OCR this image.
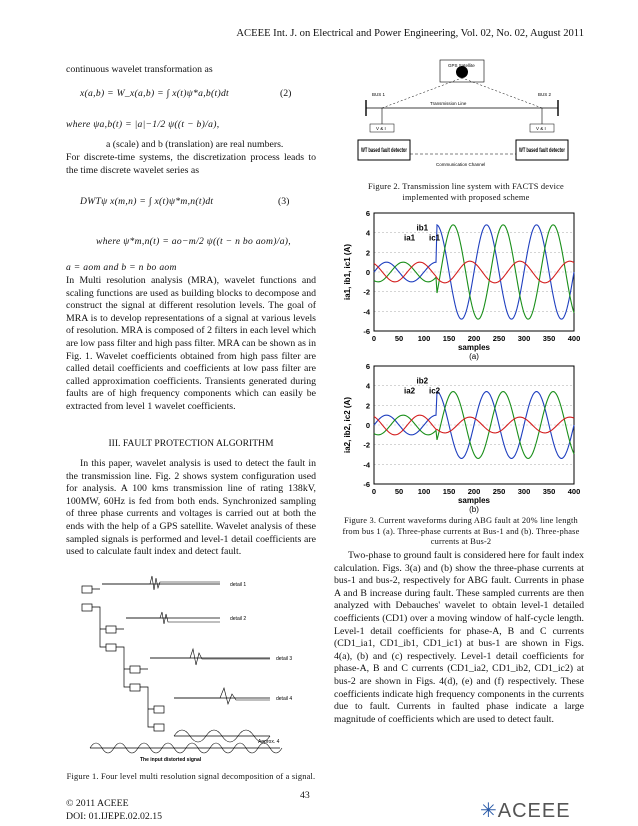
ACEEE Int. J. on Electrical and Power Engineering, Vol. 02, No. 02, August 2011
continuous wavelet transformation as
x(a,b) = W_x(a,b) = ∫ x(t)ψ*a,b(t)dt	(2)
where ψa,b(t) = |a|−1/2 ψ((t − b)/a),
a (scale) and b (translation) are real numbers.
For discrete-time systems, the discretization process leads to the time discrete wavelet series as
DWTψ x(m,n) = ∫ x(t)ψ*m,n(t)dt	(3)
where ψ*m,n(t) = ao−m/2 ψ((t − n bo aom)/a),
a = aom and b = n bo aom
In Multi resolution analysis (MRA), wavelet functions and scaling functions are used as building blocks to decompose and construct the signal at different resolution levels. The goal of MRA is to develop representations of a signal at various levels of resolution. MRA is composed of 2 filters in each level which are low pass filter and high pass filter. MRA can be shown as in Fig. 1. Wavelet coefficients obtained from high pass filter are called detail coefficients and coefficients at low pass filter are called approximation coefficients. Transients generated during faults are of high frequency components which can easily be extracted from level 1 wavelet coefficients.
III. FAULT PROTECTION ALGORITHM
In this paper, wavelet analysis is used to detect the fault in the transmission line. Fig. 2 shows system configuration used for analysis. A 100 kms transmission line of rating 138kV, 100MW, 60Hz is fed from both ends. Synchronized sampling of three phase currents and voltages is carried out at both the ends with the help of a GPS satellite. Wavelet analysis of these sampled signals is performed and level-1 detail coefficients are used to calculate fault index and detect fault.
detail 1
detail 2
detail 3
detail 4
Approx. 4
The input distorted signal
Figure 1. Four level multi resolution signal decomposition of a signal.
GPS Satellite
BUS 1	BUS 2
Transmission Line
V & I	V & I
WT based fault detector	WT based fault detector
Communication Channel
Figure 2. Transmission line system with FACTS device implemented with proposed scheme
ia1
ib1
ic1
0 50 100 150 200 250 300 350 400
-6
-4
-2
0
2
4
6
samples
ia1, ib1, ic1 (A)
(a)
ia2
ib2
ic2
0 50 100 150 200 250 300 350 400
-6
-4
-2
0
2
4
6
samples
ia2, ib2, ic2 (A)
(b)
Figure 3. Current waveforms during ABG fault at 20% line length from bus 1 (a). Three-phase currents at Bus-1 and (b). Three-phase currents at Bus-2
Two-phase to ground fault is considered here for fault index calculation. Figs. 3(a) and (b) show the three-phase currents at bus-1 and bus-2, respectively for ABG fault. Currents in phase A and B increase during fault. These sampled currents are then analyzed with Debauches' wavelet to obtain level-1 detailed coefficients (CD1) over a moving window of half-cycle length. Level-1 detail coefficients for phase-A, B and C currents (CD1_ia1, CD1_ib1, CD1_ic1) at bus-1 are shown in Figs. 4(a), (b) and (c) respectively. Level-1 detail coefficients for phase-A, B and C currents (CD1_ia2, CD1_ib2, CD1_ic2) at bus-2 are shown in Figs. 4(d), (e) and (f) respectively. These coefficients indicate high frequency components in the currents due to fault. Currents in faulted phase indicate a large magnitude of coefficients which are used to detect fault.
43
© 2011 ACEEE
DOI: 01.IJEPE.02.02.15	✳ACEEE
